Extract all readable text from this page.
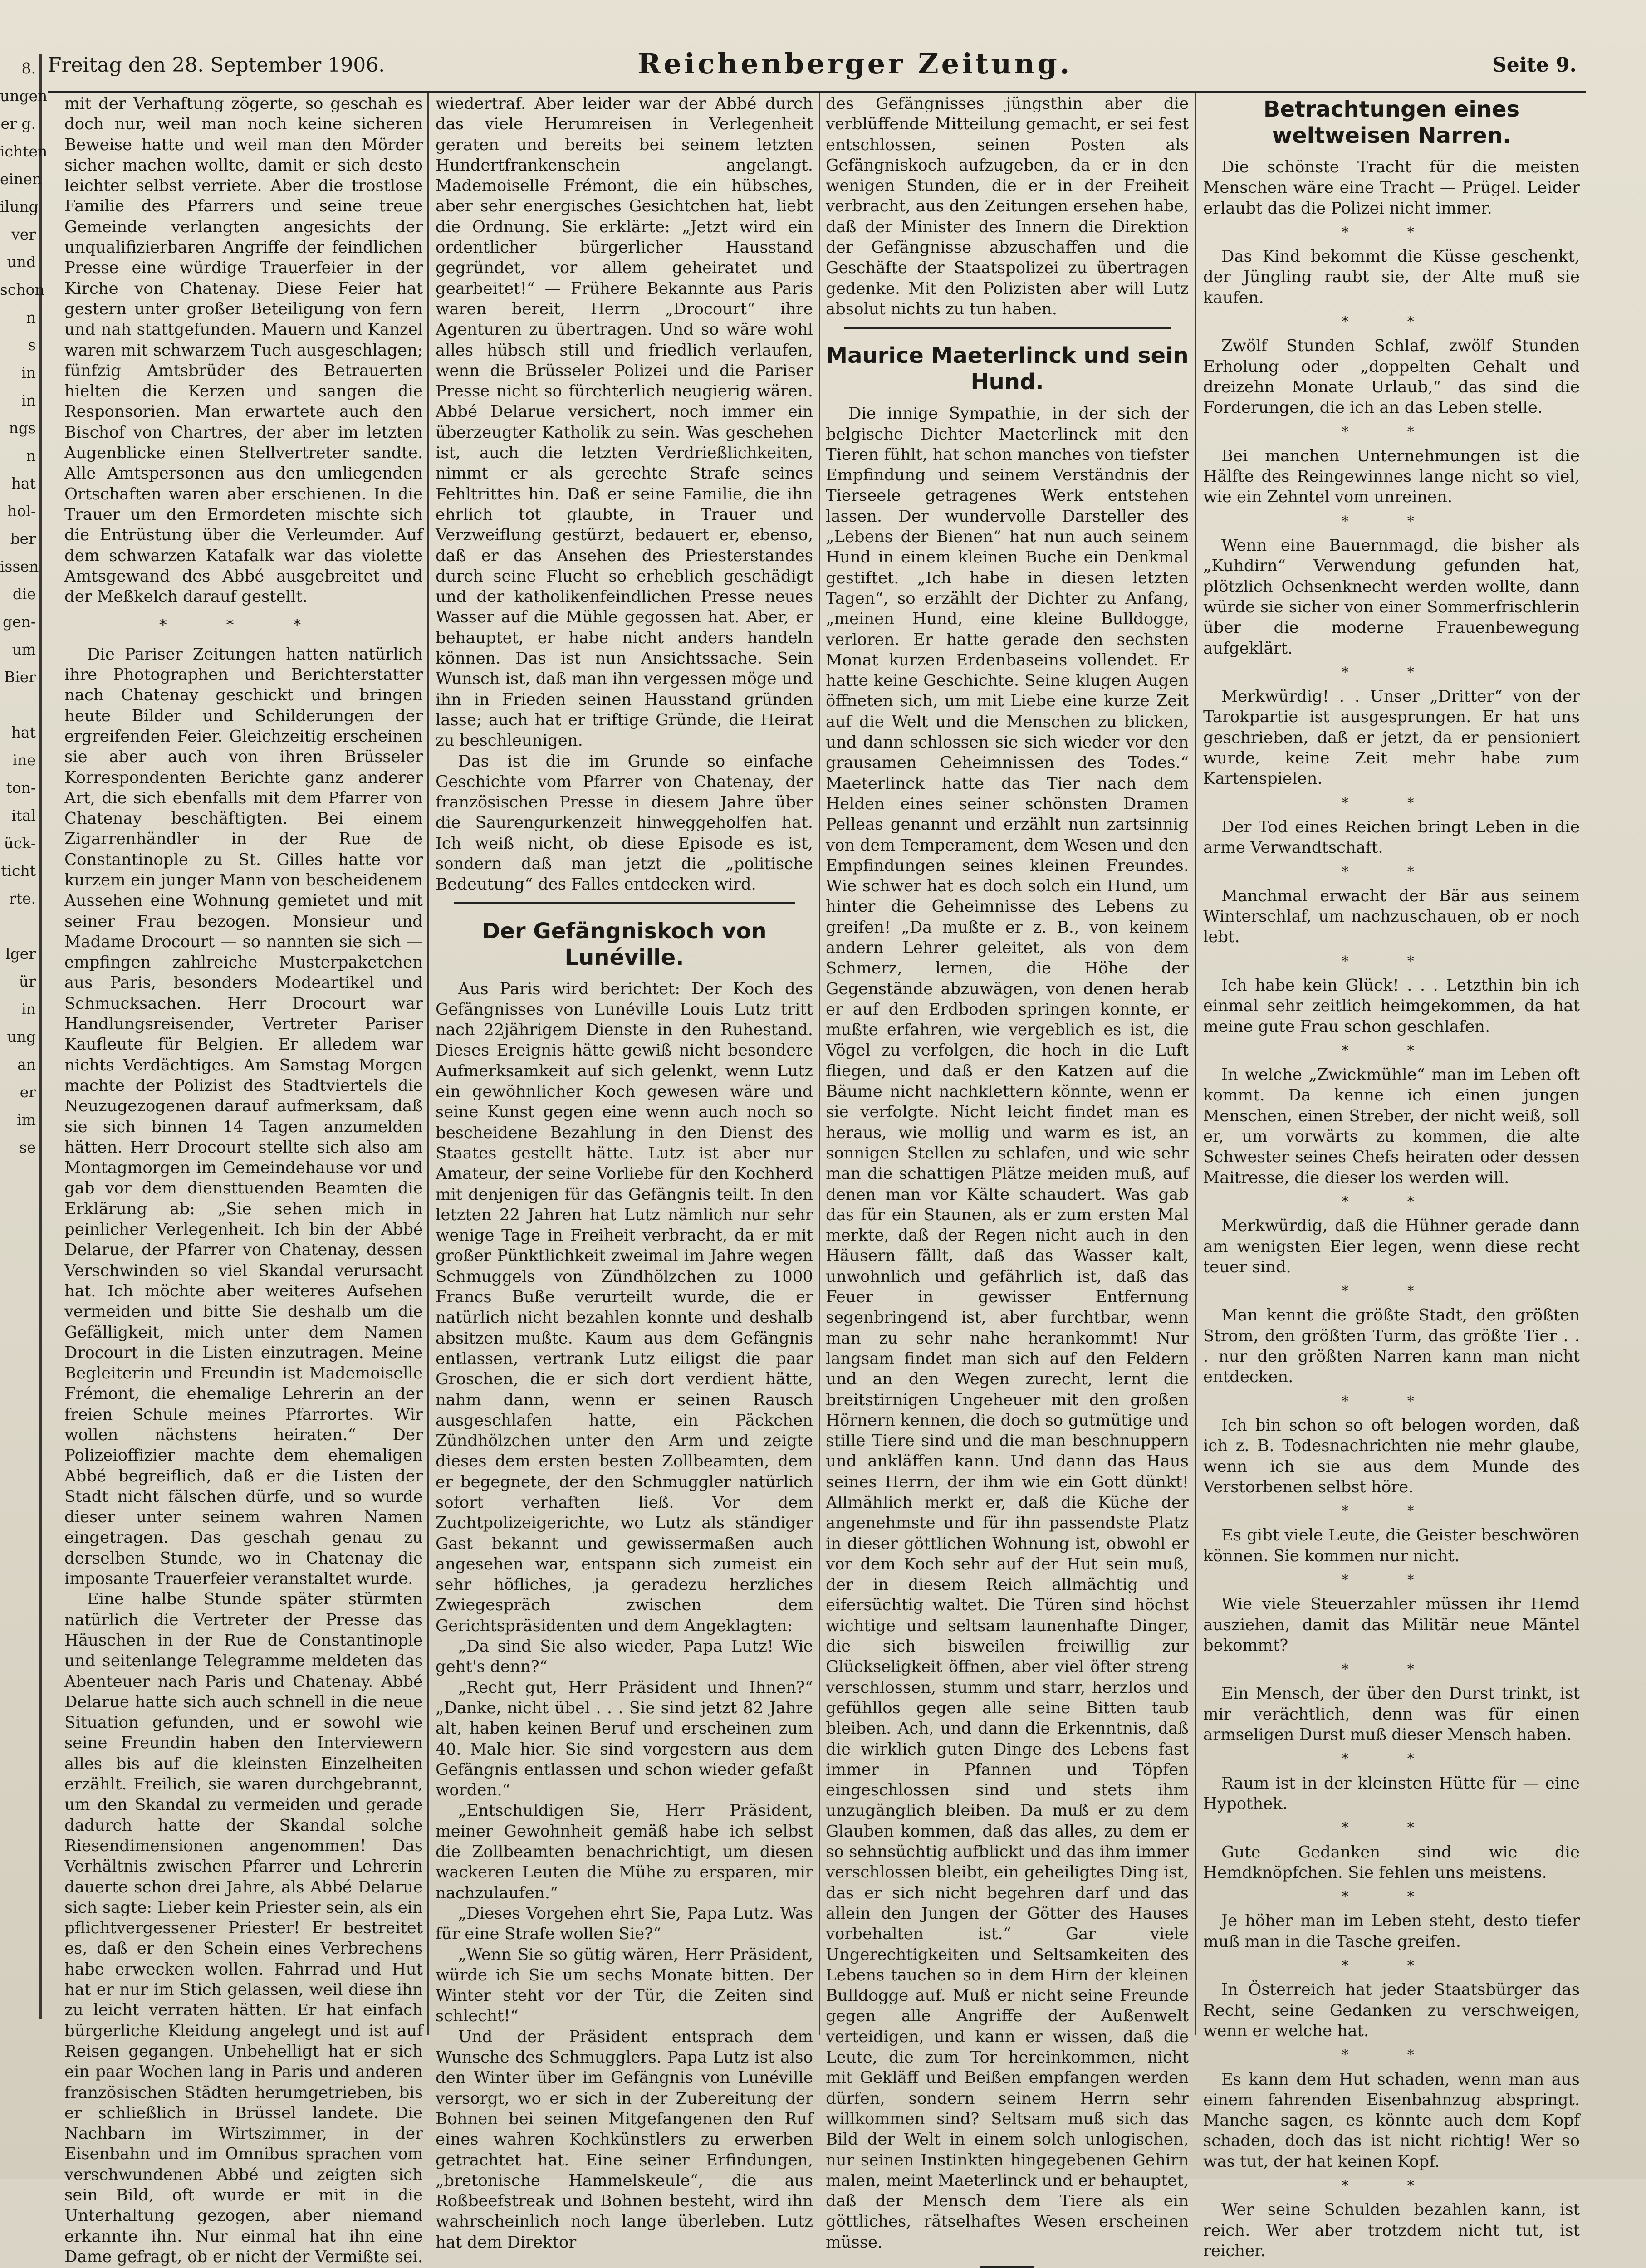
8.
ungen
er g.
ichten
einen
ilung
ver
und
schon
n
s
in
in
ngs
n
hat
hol-
ber
issen
die
gen-
um
Bier

hat
ine
ton-
ital
ück-
ticht
rte.

lger
ür
in
ung
an
er
im
se

Freitag den 28. September 1906.	Reichenberger Zeitung.	Seite 9.

mit der Verhaftung zögerte, so geschah es doch nur, weil man noch keine sicheren Beweise hatte und weil man den Mörder sicher machen wollte, damit er sich desto leichter selbst verriete. Aber die trostlose Familie des Pfarrers und seine treue Gemeinde verlangten angesichts der unqualifizierbaren Angriffe der feindlichen Presse eine würdige Trauerfeier in der Kirche von Chatenay. Diese Feier hat gestern unter großer Beteiligung von fern und nah stattgefunden. Mauern und Kanzel waren mit schwarzem Tuch ausgeschlagen; fünfzig Amtsbrüder des Betrauerten hielten die Kerzen und sangen die Responsorien. Man erwartete auch den Bischof von Chartres, der aber im letzten Augenblicke einen Stellvertreter sandte. Alle Amtspersonen aus den umliegenden Ortschaften waren aber erschienen. In die Trauer um den Ermordeten mischte sich die Entrüstung über die Verleumder. Auf dem schwarzen Katafalk war das violette Amtsgewand des Abbé ausgebreitet und der Meßkelch darauf gestellt.

* * *

Die Pariser Zeitungen hatten natürlich ihre Photographen und Berichterstatter nach Chatenay geschickt und bringen heute Bilder und Schilderungen der ergreifenden Feier. Gleichzeitig erscheinen sie aber auch von ihren Brüsseler Korrespondenten Berichte ganz anderer Art, die sich ebenfalls mit dem Pfarrer von Chatenay beschäftigten. Bei einem Zigarrenhändler in der Rue de Constantinople zu St. Gilles hatte vor kurzem ein junger Mann von bescheidenem Aussehen eine Wohnung gemietet und mit seiner Frau bezogen. Monsieur und Madame Drocourt — so nannten sie sich — empfingen zahlreiche Musterpaketchen aus Paris, besonders Modeartikel und Schmucksachen. Herr Drocourt war Handlungsreisender, Vertreter Pariser Kaufleute für Belgien. Er alledem war nichts Verdächtiges. Am Samstag Morgen machte der Polizist des Stadtviertels die Neuzugezogenen darauf aufmerksam, daß sie sich binnen 14 Tagen anzumelden hätten. Herr Drocourt stellte sich also am Montagmorgen im Gemeindehause vor und gab vor dem diensttuenden Beamten die Erklärung ab: „Sie sehen mich in peinlicher Verlegenheit. Ich bin der Abbé Delarue, der Pfarrer von Chatenay, dessen Verschwinden so viel Skandal verursacht hat. Ich möchte aber weiteres Aufsehen vermeiden und bitte Sie deshalb um die Gefälligkeit, mich unter dem Namen Drocourt in die Listen einzutragen. Meine Begleiterin und Freundin ist Mademoiselle Frémont, die ehemalige Lehrerin an der freien Schule meines Pfarrortes. Wir wollen nächstens heiraten.“ Der Polizeioffizier machte dem ehemaligen Abbé begreiflich, daß er die Listen der Stadt nicht fälschen dürfe, und so wurde dieser unter seinem wahren Namen eingetragen. Das geschah genau zu derselben Stunde, wo in Chatenay die imposante Trauerfeier veranstaltet wurde.

Eine halbe Stunde später stürmten natürlich die Vertreter der Presse das Häuschen in der Rue de Constantinople und seitenlange Telegramme meldeten das Abenteuer nach Paris und Chatenay. Abbé Delarue hatte sich auch schnell in die neue Situation gefunden, und er sowohl wie seine Freundin haben den Interviewern alles bis auf die kleinsten Einzelheiten erzählt. Freilich, sie waren durchgebrannt, um den Skandal zu vermeiden und gerade dadurch hatte der Skandal solche Riesendimensionen angenommen! Das Verhältnis zwischen Pfarrer und Lehrerin dauerte schon drei Jahre, als Abbé Delarue sich sagte: Lieber kein Priester sein, als ein pflichtvergessener Priester! Er bestreitet es, daß er den Schein eines Verbrechens habe erwecken wollen. Fahrrad und Hut hat er nur im Stich gelassen, weil diese ihn zu leicht verraten hätten. Er hat einfach bürgerliche Kleidung angelegt und ist auf Reisen gegangen. Unbehelligt hat er sich ein paar Wochen lang in Paris und anderen französischen Städten herumgetrieben, bis er schließlich in Brüssel landete. Die Nachbarn im Wirtszimmer, in der Eisenbahn und im Omnibus sprachen vom verschwundenen Abbé und zeigten sich sein Bild, oft wurde er mit in die Unterhaltung gezogen, aber niemand erkannte ihn. Nur einmal hat ihn eine Dame gefragt, ob er nicht der Vermißte sei.

wiedertraf. Aber leider war der Abbé durch das viele Herumreisen in Verlegenheit geraten und bereits bei seinem letzten Hundertfrankenschein angelangt. Mademoiselle Frémont, die ein hübsches, aber sehr energisches Gesichtchen hat, liebt die Ordnung. Sie erklärte: „Jetzt wird ein ordentlicher bürgerlicher Hausstand gegründet, vor allem geheiratet und gearbeitet!“ — Frühere Bekannte aus Paris waren bereit, Herrn „Drocourt“ ihre Agenturen zu übertragen. Und so wäre wohl alles hübsch still und friedlich verlaufen, wenn die Brüsseler Polizei und die Pariser Presse nicht so fürchterlich neugierig wären. Abbé Delarue versichert, noch immer ein überzeugter Katholik zu sein. Was geschehen ist, auch die letzten Verdrießlichkeiten, nimmt er als gerechte Strafe seines Fehltrittes hin. Daß er seine Familie, die ihn ehrlich tot glaubte, in Trauer und Verzweiflung gestürzt, bedauert er, ebenso, daß er das Ansehen des Priesterstandes durch seine Flucht so erheblich geschädigt und der katholikenfeindlichen Presse neues Wasser auf die Mühle gegossen hat. Aber, er behauptet, er habe nicht anders handeln können. Das ist nun Ansichtssache. Sein Wunsch ist, daß man ihn vergessen möge und ihn in Frieden seinen Hausstand gründen lasse; auch hat er triftige Gründe, die Heirat zu beschleunigen.

Das ist die im Grunde so einfache Geschichte vom Pfarrer von Chatenay, der französischen Presse in diesem Jahre über die Saurengurkenzeit hinweggeholfen hat. Ich weiß nicht, ob diese Episode es ist, sondern daß man jetzt die „politische Bedeutung“ des Falles entdecken wird.

Der Gefängniskoch von Lunéville.

Aus Paris wird berichtet: Der Koch des Gefängnisses von Lunéville Louis Lutz tritt nach 22jährigem Dienste in den Ruhestand. Dieses Ereignis hätte gewiß nicht besondere Aufmerksamkeit auf sich gelenkt, wenn Lutz ein gewöhnlicher Koch gewesen wäre und seine Kunst gegen eine wenn auch noch so bescheidene Bezahlung in den Dienst des Staates gestellt hätte. Lutz ist aber nur Amateur, der seine Vorliebe für den Kochherd mit denjenigen für das Gefängnis teilt. In den letzten 22 Jahren hat Lutz nämlich nur sehr wenige Tage in Freiheit verbracht, da er mit großer Pünktlichkeit zweimal im Jahre wegen Schmuggels von Zündhölzchen zu 1000 Francs Buße verurteilt wurde, die er natürlich nicht bezahlen konnte und deshalb absitzen mußte. Kaum aus dem Gefängnis entlassen, vertrank Lutz eiligst die paar Groschen, die er sich dort verdient hätte, nahm dann, wenn er seinen Rausch ausgeschlafen hatte, ein Päckchen Zündhölzchen unter den Arm und zeigte dieses dem ersten besten Zollbeamten, dem er begegnete, der den Schmuggler natürlich sofort verhaften ließ. Vor dem Zuchtpolizeigerichte, wo Lutz als ständiger Gast bekannt und gewissermaßen auch angesehen war, entspann sich zumeist ein sehr höfliches, ja geradezu herzliches Zwiegespräch zwischen dem Gerichtspräsidenten und dem Angeklagten:

„Da sind Sie also wieder, Papa Lutz! Wie geht's denn?“

„Recht gut, Herr Präsident und Ihnen?“ „Danke, nicht übel . . . Sie sind jetzt 82 Jahre alt, haben keinen Beruf und erscheinen zum 40. Male hier. Sie sind vorgestern aus dem Gefängnis entlassen und schon wieder gefaßt worden.“

„Entschuldigen Sie, Herr Präsident, meiner Gewohnheit gemäß habe ich selbst die Zollbeamten benachrichtigt, um diesen wackeren Leuten die Mühe zu ersparen, mir nachzulaufen.“

„Dieses Vorgehen ehrt Sie, Papa Lutz. Was für eine Strafe wollen Sie?“

„Wenn Sie so gütig wären, Herr Präsident, würde ich Sie um sechs Monate bitten. Der Winter steht vor der Tür, die Zeiten sind schlecht!“

Und der Präsident entsprach dem Wunsche des Schmugglers. Papa Lutz ist also den Winter über im Gefängnis von Lunéville versorgt, wo er sich in der Zubereitung der Bohnen bei seinen Mitgefangenen den Ruf eines wahren Kochkünstlers zu erwerben getrachtet hat. Eine seiner Erfindungen, „bretonische Hammelskeule“, die aus Roßbeefstreak und Bohnen besteht, wird ihn wahrscheinlich noch lange überleben. Lutz hat dem Direktor

des Gefängnisses jüngsthin aber die verblüffende Mitteilung gemacht, er sei fest entschlossen, seinen Posten als Gefängniskoch aufzugeben, da er in den wenigen Stunden, die er in der Freiheit verbracht, aus den Zeitungen ersehen habe, daß der Minister des Innern die Direktion der Gefängnisse abzuschaffen und die Geschäfte der Staatspolizei zu übertragen gedenke. Mit den Polizisten aber will Lutz absolut nichts zu tun haben.

Maurice Maeterlinck und sein Hund.

Die innige Sympathie, in der sich der belgische Dichter Maeterlinck mit den Tieren fühlt, hat schon manches von tiefster Empfindung und seinem Verständnis der Tierseele getragenes Werk entstehen lassen. Der wundervolle Darsteller des „Lebens der Bienen“ hat nun auch seinem Hund in einem kleinen Buche ein Denkmal gestiftet. „Ich habe in diesen letzten Tagen“, so erzählt der Dichter zu Anfang, „meinen Hund, eine kleine Bulldogge, verloren. Er hatte gerade den sechsten Monat kurzen Erdenbaseins vollendet. Er hatte keine Geschichte. Seine klugen Augen öffneten sich, um mit Liebe eine kurze Zeit auf die Welt und die Menschen zu blicken, und dann schlossen sie sich wieder vor den grausamen Geheimnissen des Todes.“ Maeterlinck hatte das Tier nach dem Helden eines seiner schönsten Dramen Pelleas genannt und erzählt nun zartsinnig von dem Temperament, dem Wesen und den Empfindungen seines kleinen Freundes. Wie schwer hat es doch solch ein Hund, um hinter die Geheimnisse des Lebens zu greifen! „Da mußte er z. B., von keinem andern Lehrer geleitet, als von dem Schmerz, lernen, die Höhe der Gegenstände abzuwägen, von denen herab er auf den Erdboden springen konnte, er mußte erfahren, wie vergeblich es ist, die Vögel zu verfolgen, die hoch in die Luft fliegen, und daß er den Katzen auf die Bäume nicht nachklettern könnte, wenn er sie verfolgte. Nicht leicht findet man es heraus, wie mollig und warm es ist, an sonnigen Stellen zu schlafen, und wie sehr man die schattigen Plätze meiden muß, auf denen man vor Kälte schaudert. Was gab das für ein Staunen, als er zum ersten Mal merkte, daß der Regen nicht auch in den Häusern fällt, daß das Wasser kalt, unwohnlich und gefährlich ist, daß das Feuer in gewisser Entfernung segenbringend ist, aber furchtbar, wenn man zu sehr nahe herankommt! Nur langsam findet man sich auf den Feldern und an den Wegen zurecht, lernt die breitstirnigen Ungeheuer mit den großen Hörnern kennen, die doch so gutmütige und stille Tiere sind und die man beschnuppern und ankläffen kann. Und dann das Haus seines Herrn, der ihm wie ein Gott dünkt! Allmählich merkt er, daß die Küche der angenehmste und für ihn passendste Platz in dieser göttlichen Wohnung ist, obwohl er vor dem Koch sehr auf der Hut sein muß, der in diesem Reich allmächtig und eifersüchtig waltet. Die Türen sind höchst wichtige und seltsam launenhafte Dinger, die sich bisweilen freiwillig zur Glückseligkeit öffnen, aber viel öfter streng verschlossen, stumm und starr, herzlos und gefühllos gegen alle seine Bitten taub bleiben. Ach, und dann die Erkenntnis, daß die wirklich guten Dinge des Lebens fast immer in Pfannen und Töpfen eingeschlossen sind und stets ihm unzugänglich bleiben. Da muß er zu dem Glauben kommen, daß das alles, zu dem er so sehnsüchtig aufblickt und das ihm immer verschlossen bleibt, ein geheiligtes Ding ist, das er sich nicht begehren darf und das allein den Jungen der Götter des Hauses vorbehalten ist.“ Gar viele Ungerechtigkeiten und Seltsamkeiten des Lebens tauchen so in dem Hirn der kleinen Bulldogge auf. Muß er nicht seine Freunde gegen alle Angriffe der Außenwelt verteidigen, und kann er wissen, daß die Leute, die zum Tor hereinkommen, nicht mit Gekläff und Beißen empfangen werden dürfen, sondern seinem Herrn sehr willkommen sind? Seltsam muß sich das Bild der Welt in einem solch unlogischen, nur seinen Instinkten hingegebenen Gehirn malen, meint Maeterlinck und er behauptet, daß der Mensch dem Tiere als ein göttliches, rätselhaftes Wesen erscheinen müsse.

Betrachtungen eines weltweisen Narren.

Die schönste Tracht für die meisten Menschen wäre eine Tracht — Prügel. Leider erlaubt das die Polizei nicht immer.

* *

Das Kind bekommt die Küsse geschenkt, der Jüngling raubt sie, der Alte muß sie kaufen.

* *

Zwölf Stunden Schlaf, zwölf Stunden Erholung oder „doppelten Gehalt und dreizehn Monate Urlaub,“ das sind die Forderungen, die ich an das Leben stelle.

* *

Bei manchen Unternehmungen ist die Hälfte des Reingewinnes lange nicht so viel, wie ein Zehntel vom unreinen.

* *

Wenn eine Bauernmagd, die bisher als „Kuhdirn“ Verwendung gefunden hat, plötzlich Ochsenknecht werden wollte, dann würde sie sicher von einer Sommerfrischlerin über die moderne Frauenbewegung aufgeklärt.

* *

Merkwürdig! . . Unser „Dritter“ von der Tarokpartie ist ausgesprungen. Er hat uns geschrieben, daß er jetzt, da er pensioniert wurde, keine Zeit mehr habe zum Kartenspielen.

* *

Der Tod eines Reichen bringt Leben in die arme Verwandtschaft.

* *

Manchmal erwacht der Bär aus seinem Winterschlaf, um nachzuschauen, ob er noch lebt.

* *

Ich habe kein Glück! . . . Letzthin bin ich einmal sehr zeitlich heimgekommen, da hat meine gute Frau schon geschlafen.

* *

In welche „Zwickmühle“ man im Leben oft kommt. Da kenne ich einen jungen Menschen, einen Streber, der nicht weiß, soll er, um vorwärts zu kommen, die alte Schwester seines Chefs heiraten oder dessen Maitresse, die dieser los werden will.

* *

Merkwürdig, daß die Hühner gerade dann am wenigsten Eier legen, wenn diese recht teuer sind.

* *

Man kennt die größte Stadt, den größten Strom, den größten Turm, das größte Tier . . . nur den größten Narren kann man nicht entdecken.

* *

Ich bin schon so oft belogen worden, daß ich z. B. Todesnachrichten nie mehr glaube, wenn ich sie aus dem Munde des Verstorbenen selbst höre.

* *

Es gibt viele Leute, die Geister beschwören können. Sie kommen nur nicht.

* *

Wie viele Steuerzahler müssen ihr Hemd ausziehen, damit das Militär neue Mäntel bekommt?

* *

Ein Mensch, der über den Durst trinkt, ist mir verächtlich, denn was für einen armseligen Durst muß dieser Mensch haben.

* *

Raum ist in der kleinsten Hütte für — eine Hypothek.

* *

Gute Gedanken sind wie die Hemdknöpfchen. Sie fehlen uns meistens.

* *

Je höher man im Leben steht, desto tiefer muß man in die Tasche greifen.

* *

In Österreich hat jeder Staatsbürger das Recht, seine Gedanken zu verschweigen, wenn er welche hat.

* *

Es kann dem Hut schaden, wenn man aus einem fahrenden Eisenbahnzug abspringt. Manche sagen, es könnte auch dem Kopf schaden, doch das ist nicht richtig! Wer so was tut, der hat keinen Kopf.

* *

Wer seine Schulden bezahlen kann, ist reich. Wer aber trotzdem nicht tut, ist reicher.
